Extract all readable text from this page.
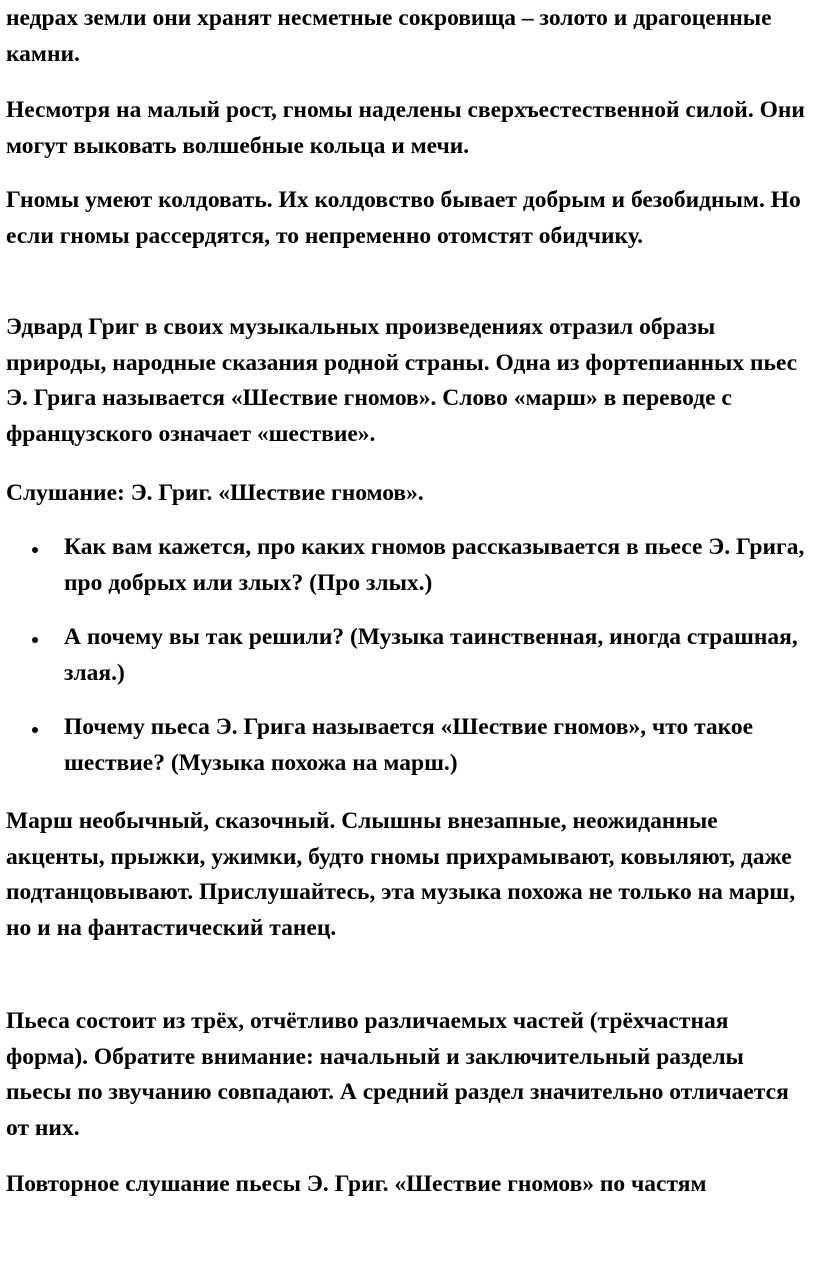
недрах земли они хранят несметные сокровища – золото и драгоценные камни.

Несмотря на малый рост, гномы наделены сверхъестественной силой. Они могут выковать волшебные кольца и мечи.

Гномы умеют колдовать. Их колдовство бывает добрым и безобидным. Но если гномы рассердятся, то непременно отомстят обидчику.

Эдвард Григ в своих музыкальных произведениях отразил образы природы, народные сказания родной страны. Одна из фортепианных пьес Э. Грига называется «Шествие гномов». Слово «марш» в переводе с французского означает «шествие».

Слушание: Э. Григ. «Шествие гномов».

Как вам кажется, про каких гномов рассказывается в пьесе Э. Грига, про добрых или злых? (Про злых.)
А почему вы так решили? (Музыка таинственная, иногда страшная, злая.)
Почему пьеса Э. Грига называется «Шествие гномов», что такое шествие? (Музыка похожа на марш.)

Марш необычный, сказочный. Слышны внезапные, неожиданные акценты, прыжки, ужимки, будто гномы прихрамывают, ковыляют, даже подтанцовывают. Прислушайтесь, эта музыка похожа не только на марш, но и на фантастический танец.

Пьеса состоит из трёх, отчётливо различаемых частей (трёхчастная форма). Обратите внимание: начальный и заключительный разделы пьесы по звучанию совпадают. А средний раздел значительно отличается от них.

Повторное слушание пьесы Э. Григ. «Шествие гномов» по частям
